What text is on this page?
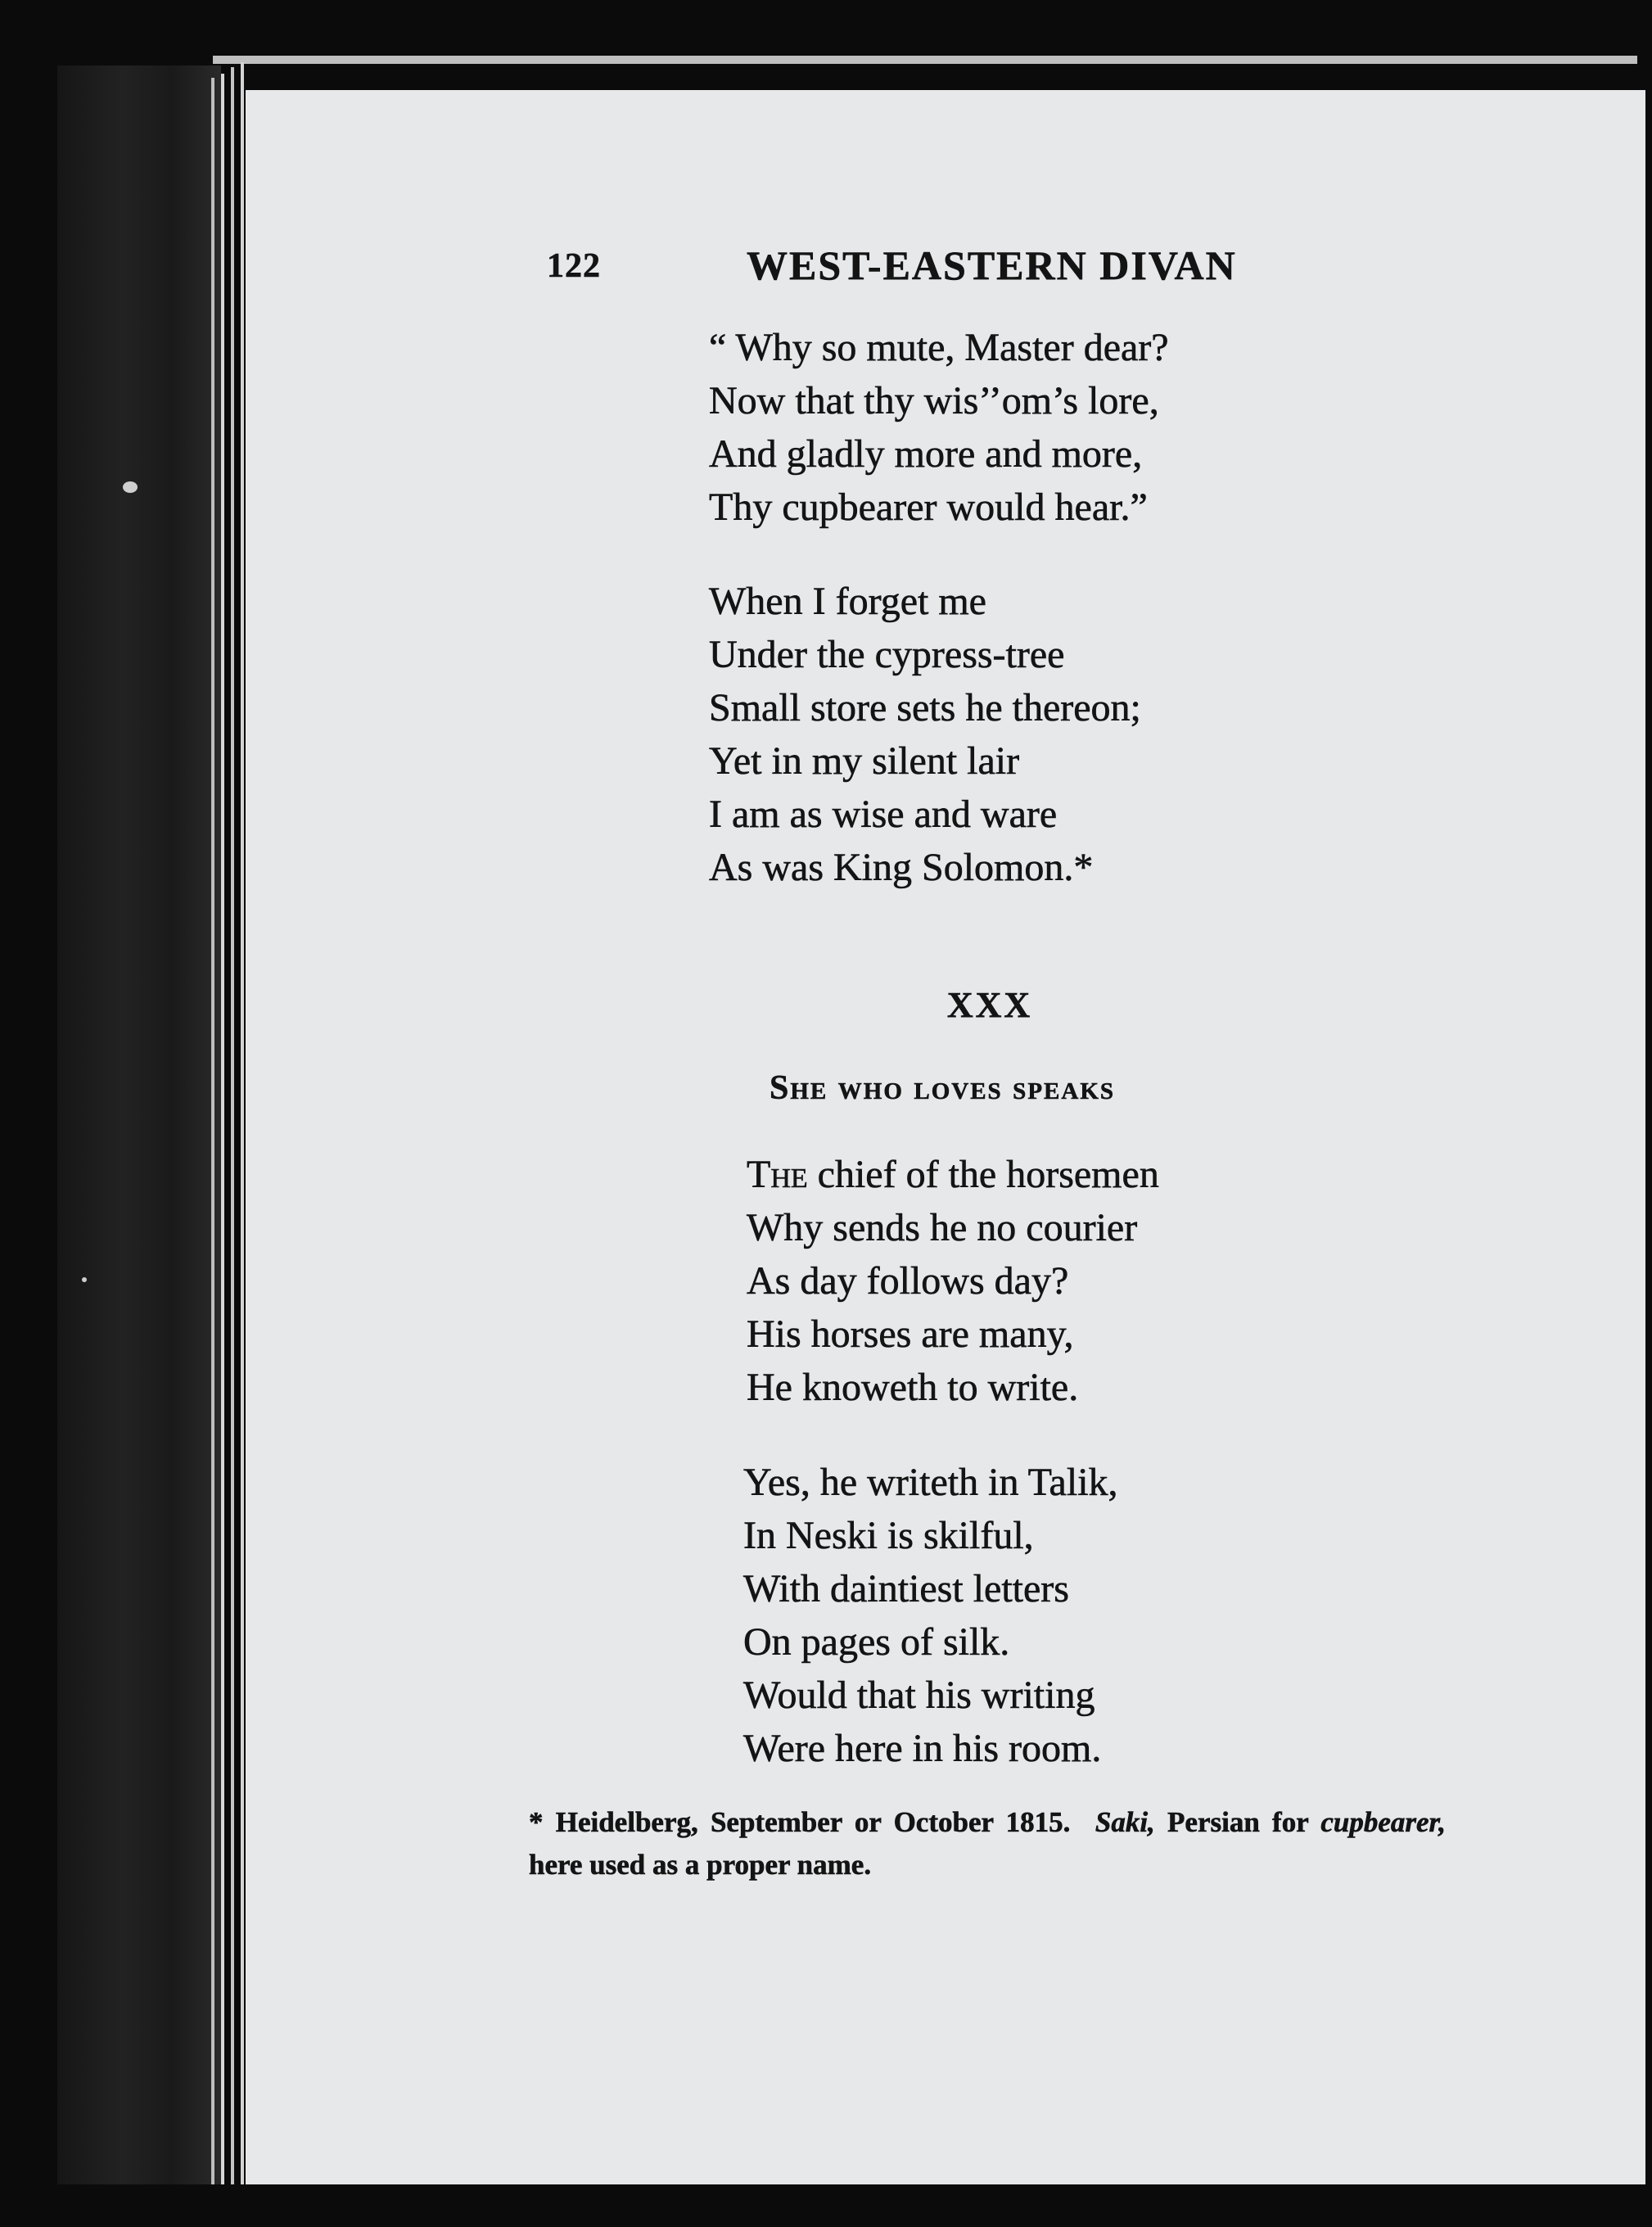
122	WEST-EASTERN DIVAN
“ Why so mute, Master dear?
Now that thy wis’’om’s lore,
And gladly more and more,
Thy cupbearer would hear.”
When I forget me
Under the cypress-tree
Small store sets he thereon;
Yet in my silent lair
I am as wise and ware
As was King Solomon.*
XXX
She who loves speaks
The chief of the horsemen
Why sends he no courier
As day follows day?
His horses are many,
He knoweth to write.
Yes, he writeth in Talik,
In Neski is skilful,
With daintiest letters
On pages of silk.
Would that his writing
Were here in his room.
* Heidelberg, September or October 1815. Saki, Persian for cupbearer, here used as a proper name.
